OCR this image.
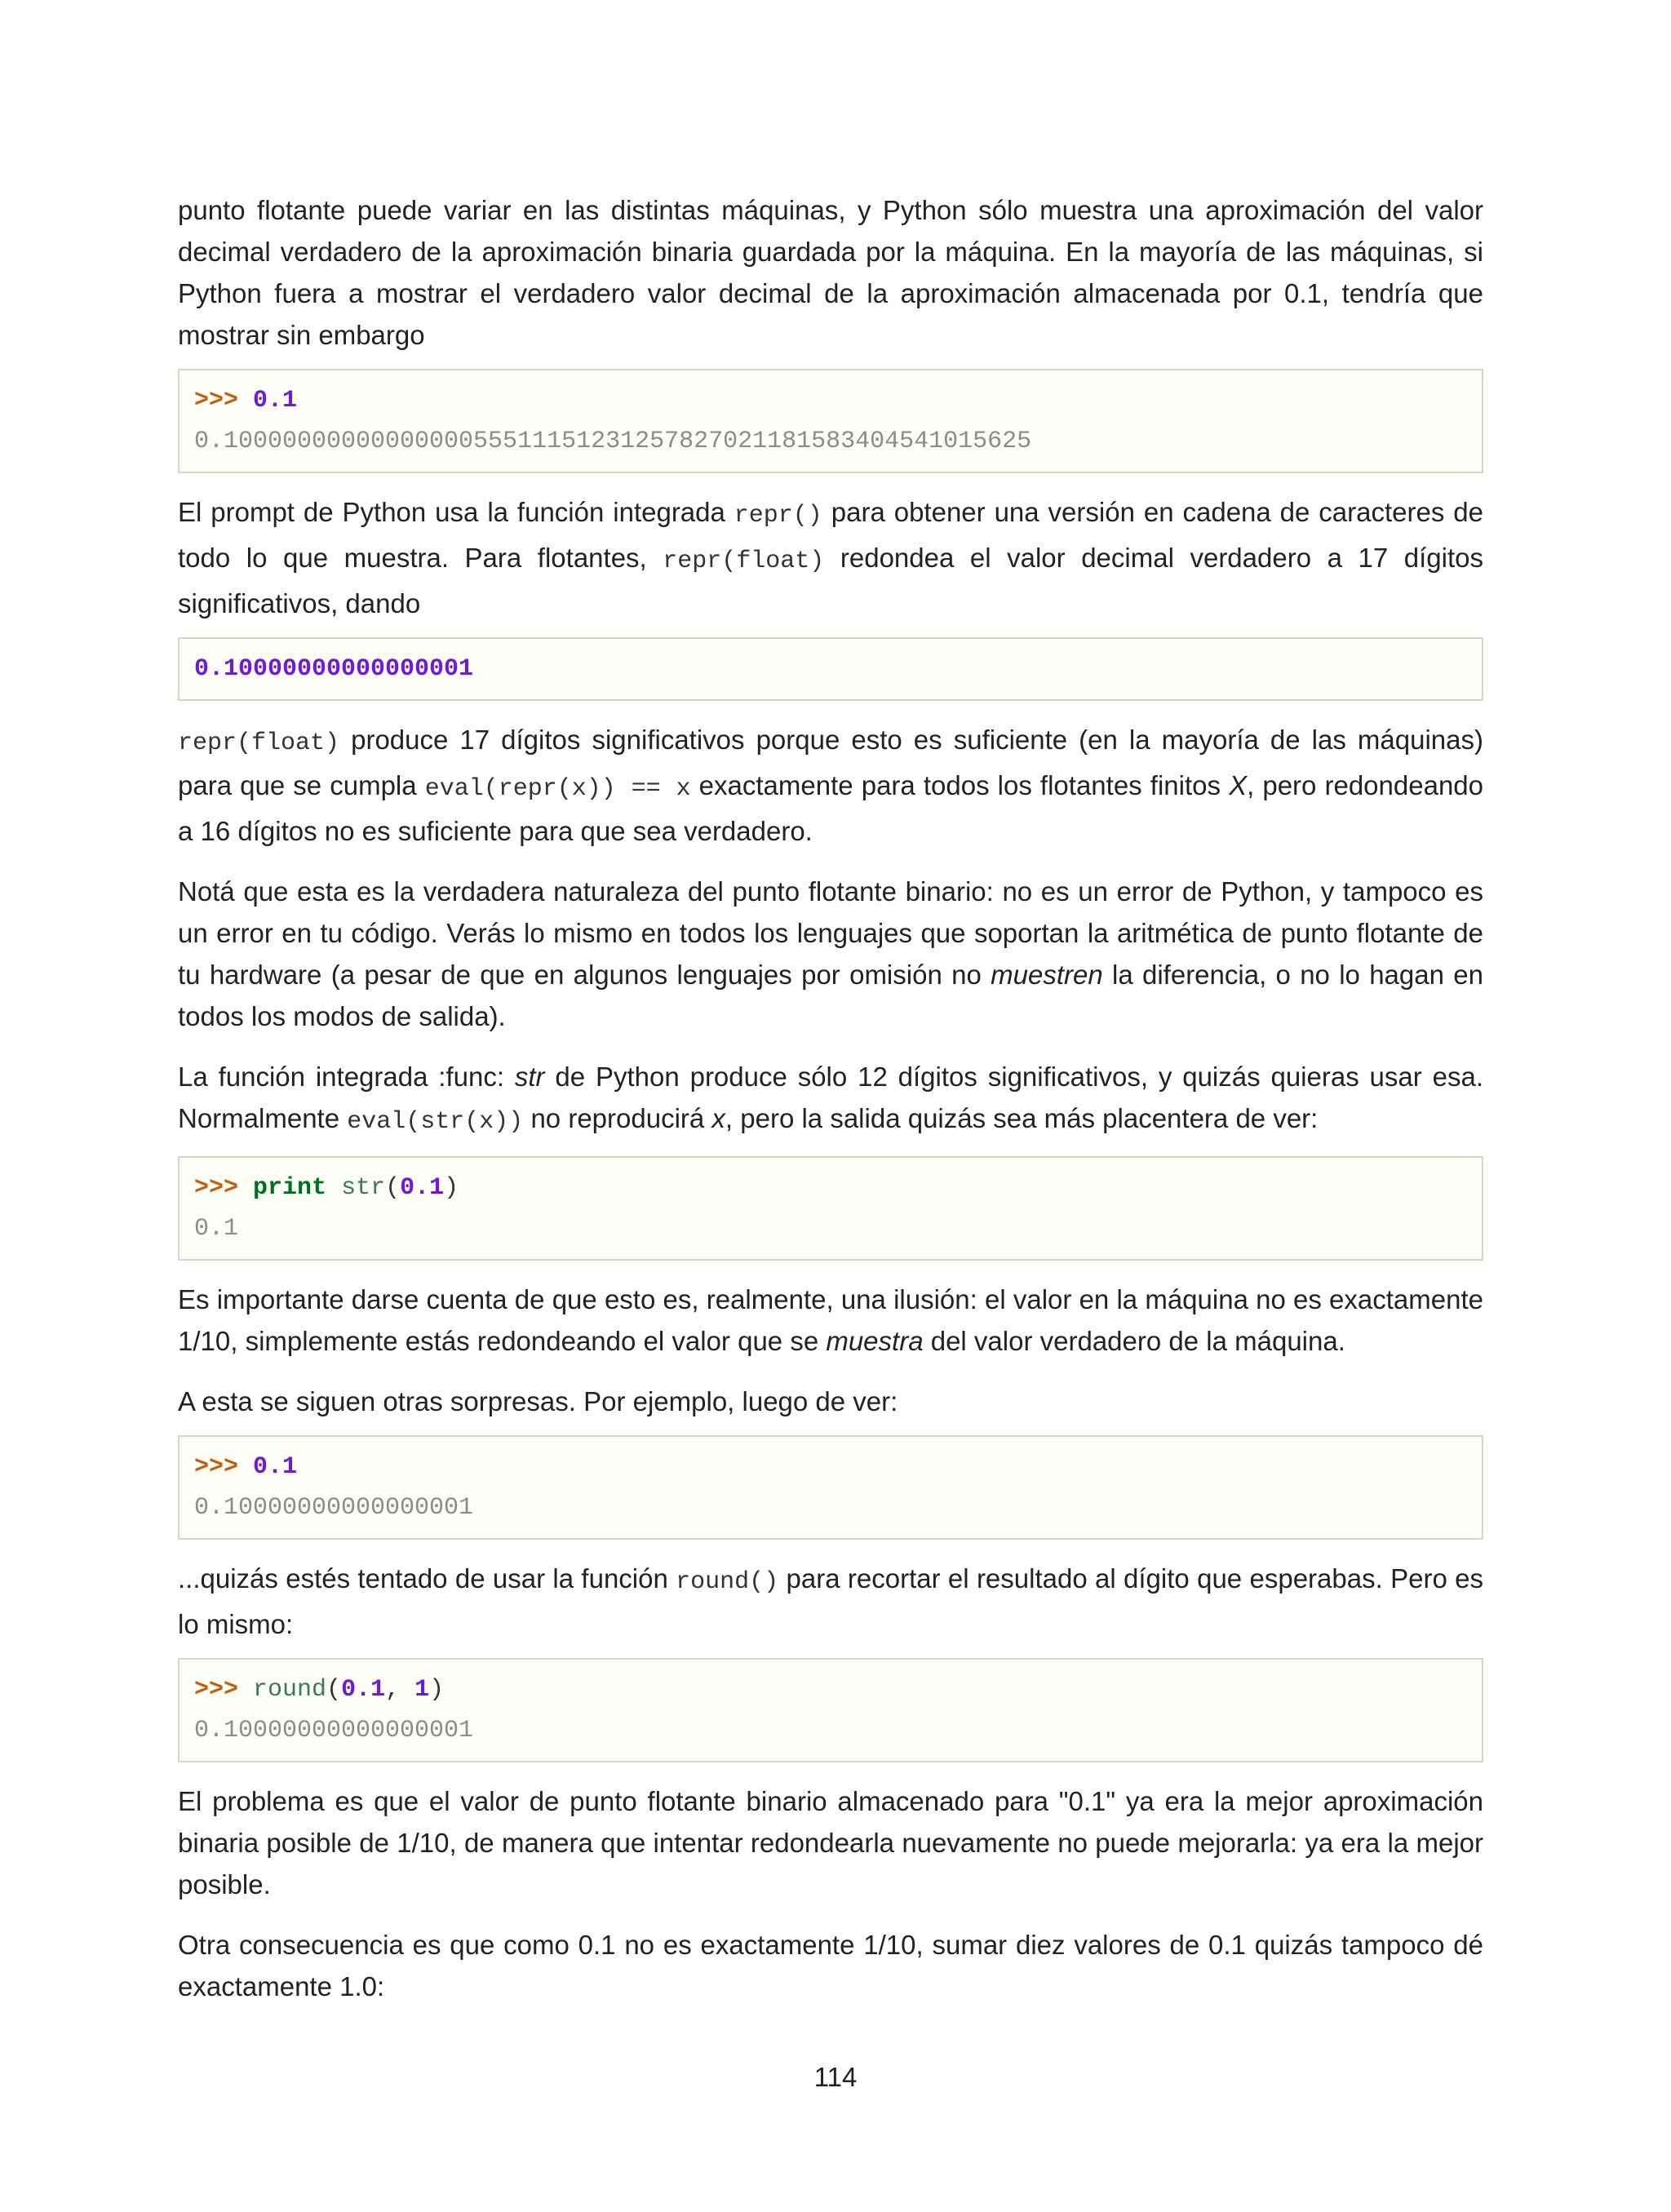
punto flotante puede variar en las distintas máquinas, y Python sólo muestra una aproximación del valor decimal verdadero de la aproximación binaria guardada por la máquina. En la mayoría de las máquinas, si Python fuera a mostrar el verdadero valor decimal de la aproximación almacenada por 0.1, tendría que mostrar sin embargo

>>> 0.1
0.1000000000000000055511151231257827021181583404541015625

El prompt de Python usa la función integrada repr() para obtener una versión en cadena de caracteres de todo lo que muestra. Para flotantes, repr(float) redondea el valor decimal verdadero a 17 dígitos significativos, dando

0.10000000000000001

repr(float) produce 17 dígitos significativos porque esto es suficiente (en la mayoría de las máquinas) para que se cumpla eval(repr(x)) == x exactamente para todos los flotantes finitos X, pero redondeando a 16 dígitos no es suficiente para que sea verdadero.

Notá que esta es la verdadera naturaleza del punto flotante binario: no es un error de Python, y tampoco es un error en tu código. Verás lo mismo en todos los lenguajes que soportan la aritmética de punto flotante de tu hardware (a pesar de que en algunos lenguajes por omisión no muestren la diferencia, o no lo hagan en todos los modos de salida).

La función integrada :func: str de Python produce sólo 12 dígitos significativos, y quizás quieras usar esa. Normalmente eval(str(x)) no reproducirá x, pero la salida quizás sea más placentera de ver:

>>> print str(0.1)
0.1

Es importante darse cuenta de que esto es, realmente, una ilusión: el valor en la máquina no es exactamente 1/10, simplemente estás redondeando el valor que se muestra del valor verdadero de la máquina.

A esta se siguen otras sorpresas. Por ejemplo, luego de ver:

>>> 0.1
0.10000000000000001

...quizás estés tentado de usar la función round() para recortar el resultado al dígito que esperabas. Pero es lo mismo:

>>> round(0.1, 1)
0.10000000000000001

El problema es que el valor de punto flotante binario almacenado para "0.1" ya era la mejor aproximación binaria posible de 1/10, de manera que intentar redondearla nuevamente no puede mejorarla: ya era la mejor posible.

Otra consecuencia es que como 0.1 no es exactamente 1/10, sumar diez valores de 0.1 quizás tampoco dé exactamente 1.0:

114
